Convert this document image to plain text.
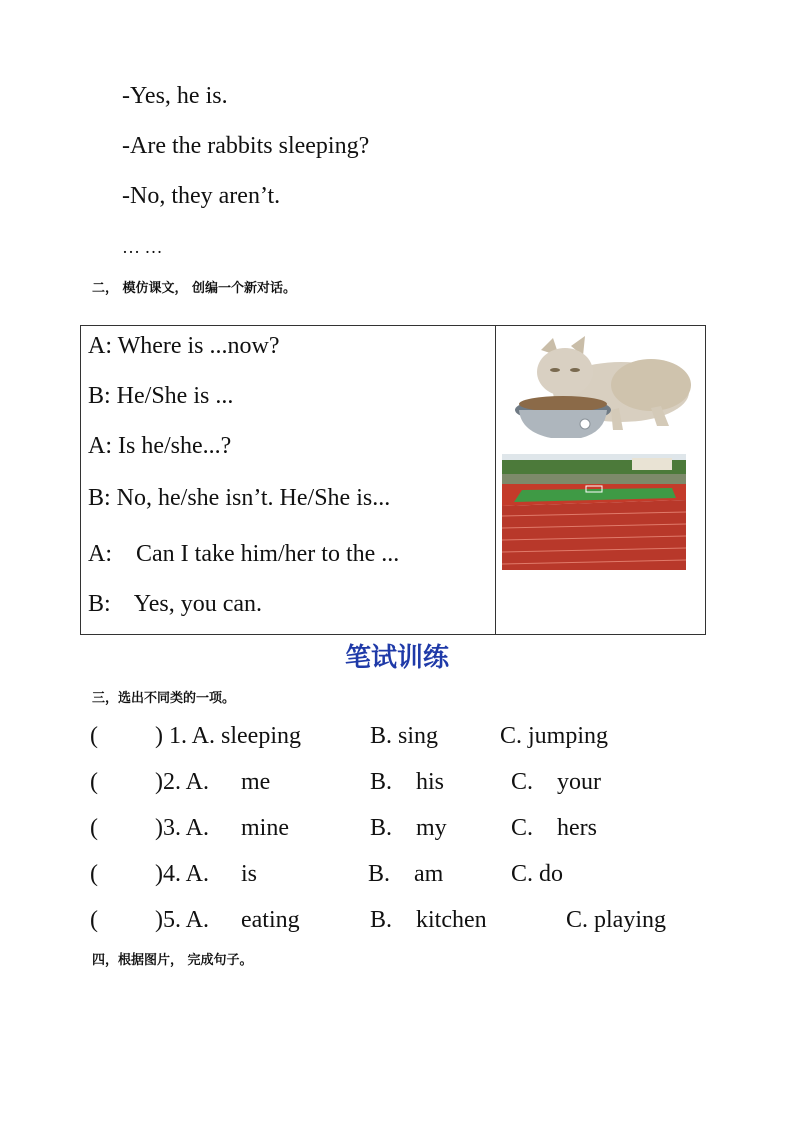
-Yes, he is.
-Are the rabbits sleeping?
-No, they aren’t.
… …
二， 模仿课文， 创编一个新对话。
A: Where is ...now?
B: He/She is ...
A: Is he/she...?
B: No, he/she isn’t. He/She is...
A:    Can I take him/her to the ...
B:    Yes, you can.
笔试训练
三，选出不同类的一项。
( ) 1. A. sleeping	B. sing	C. jumping
( )2. A. me	B.    his	C.    your
( )3. A. mine	B.    my	C.    hers
( )4. A. is	B.    am	C. do
( )5. A. eating	B.    kitchen	C. playing
四，根据图片， 完成句子。
